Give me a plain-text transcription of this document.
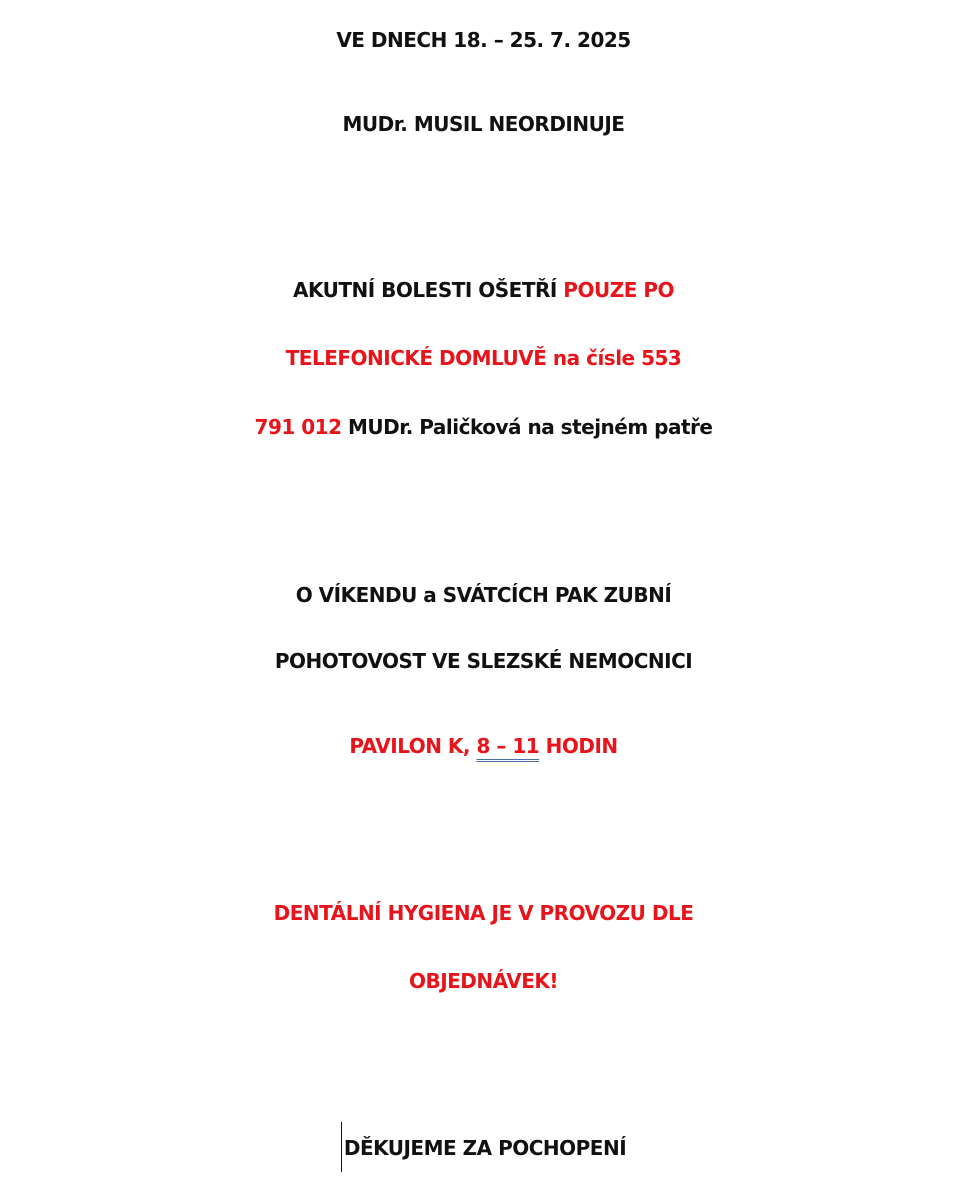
VE DNECH 18. – 25. 7. 2025
MUDr. MUSIL NEORDINUJE
AKUTNÍ BOLESTI OŠETŘÍ POUZE PO
TELEFONICKÉ DOMLUVĚ na čísle 553
791 012 MUDr. Paličková na stejném patře
O VÍKENDU a SVÁTCÍCH PAK ZUBNÍ
POHOTOVOST VE SLEZSKÉ NEMOCNICI
PAVILON K, 8 – 11 HODIN
DENTÁLNÍ HYGIENA JE V PROVOZU DLE
OBJEDNÁVEK!
DĚKUJEME ZA POCHOPENÍ
